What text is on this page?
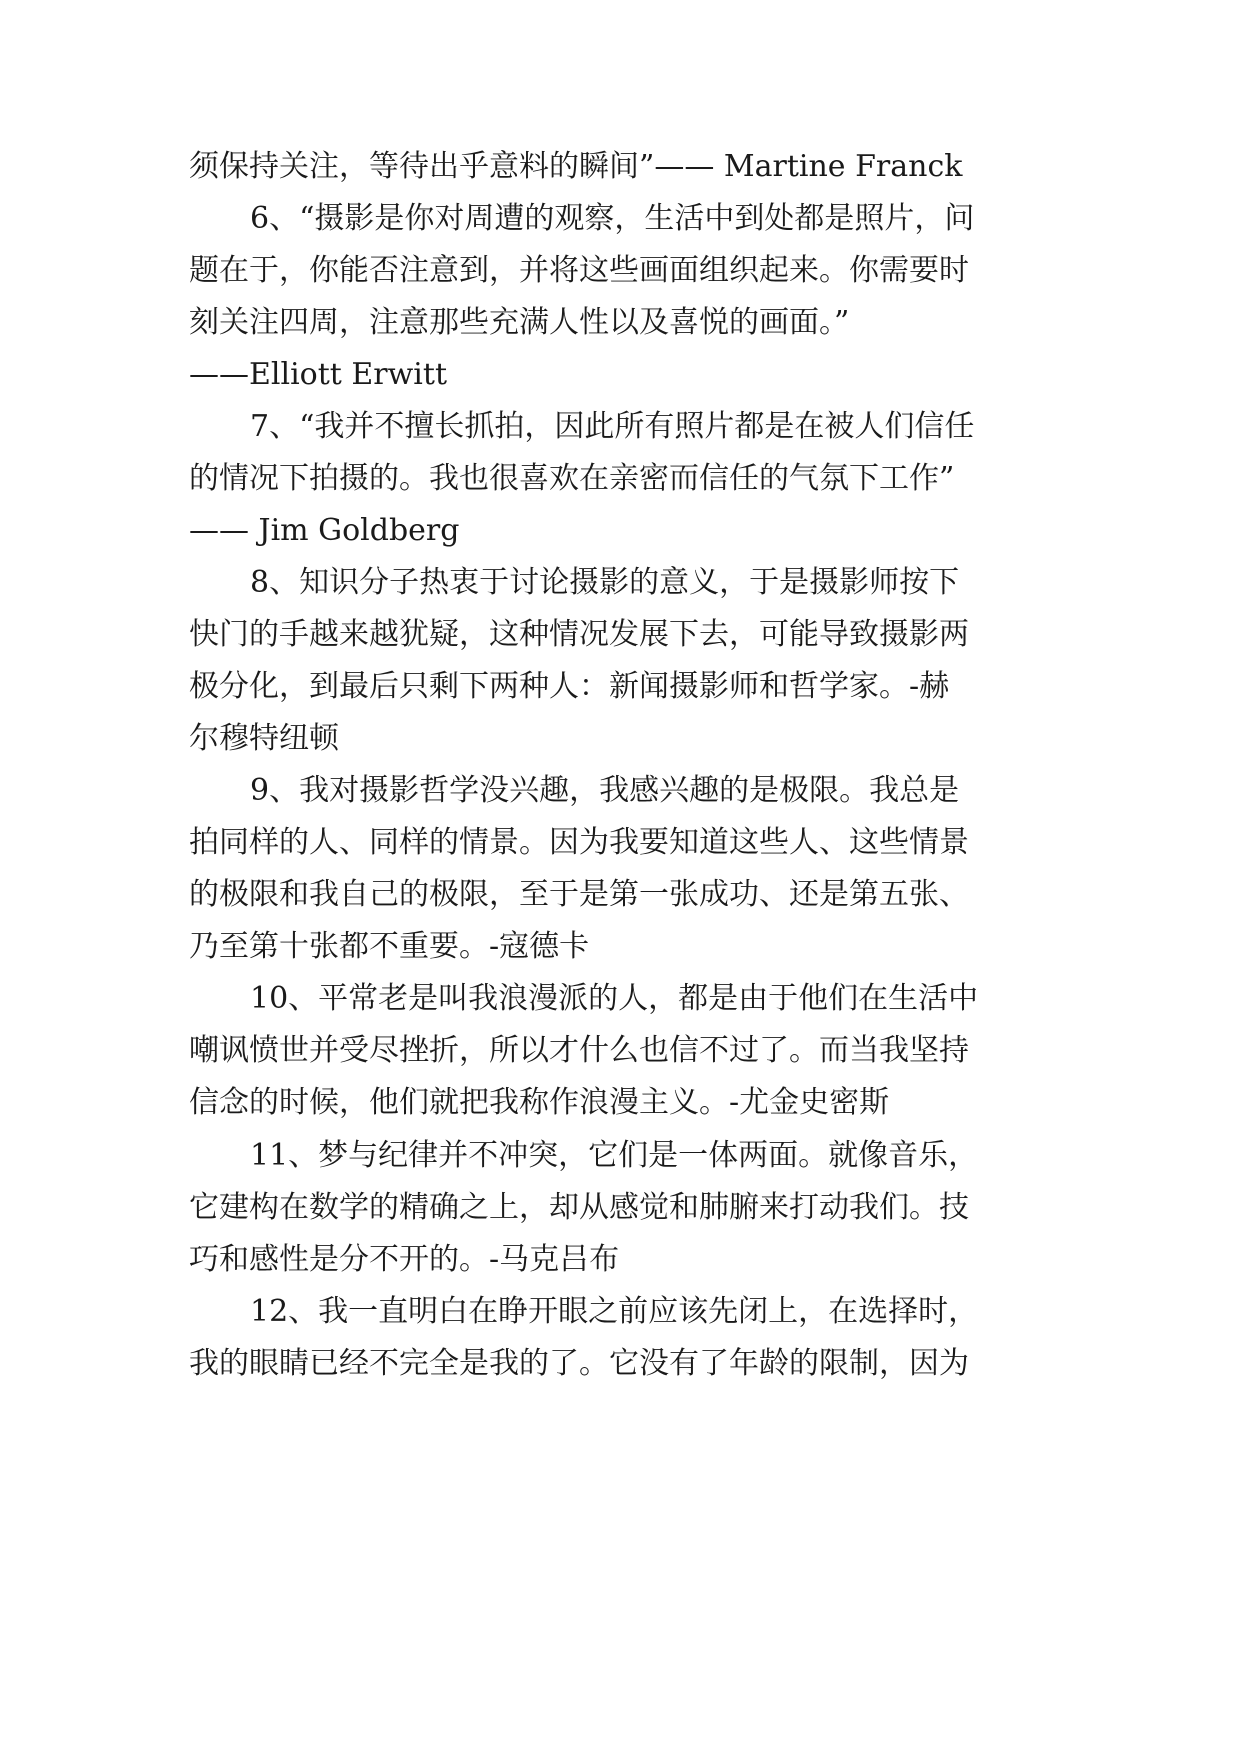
须保持关注，等待出乎意料的瞬间”—— Martine Franck
6、“摄影是你对周遭的观察，生活中到处都是照片，问
题在于，你能否注意到，并将这些画面组织起来。你需要时
刻关注四周，注意那些充满人性以及喜悦的画面。”
——Elliott Erwitt
7、“我并不擅长抓拍，因此所有照片都是在被人们信任
的情况下拍摄的。我也很喜欢在亲密而信任的气氛下工作”
—— Jim Goldberg
8、知识分子热衷于讨论摄影的意义，于是摄影师按下
快门的手越来越犹疑，这种情况发展下去，可能导致摄影两
极分化，到最后只剩下两种人：新闻摄影师和哲学家。-赫
尔穆特纽顿
9、我对摄影哲学没兴趣，我感兴趣的是极限。我总是
拍同样的人、同样的情景。因为我要知道这些人、这些情景
的极限和我自己的极限，至于是第一张成功、还是第五张、
乃至第十张都不重要。-寇德卡
10、平常老是叫我浪漫派的人，都是由于他们在生活中
嘲讽愤世并受尽挫折，所以才什么也信不过了。而当我坚持
信念的时候，他们就把我称作浪漫主义。-尤金史密斯
11、梦与纪律并不冲突，它们是一体两面。就像音乐，
它建构在数学的精确之上，却从感觉和肺腑来打动我们。技
巧和感性是分不开的。-马克吕布
12、我一直明白在睁开眼之前应该先闭上，在选择时，
我的眼睛已经不完全是我的了。它没有了年龄的限制，因为
